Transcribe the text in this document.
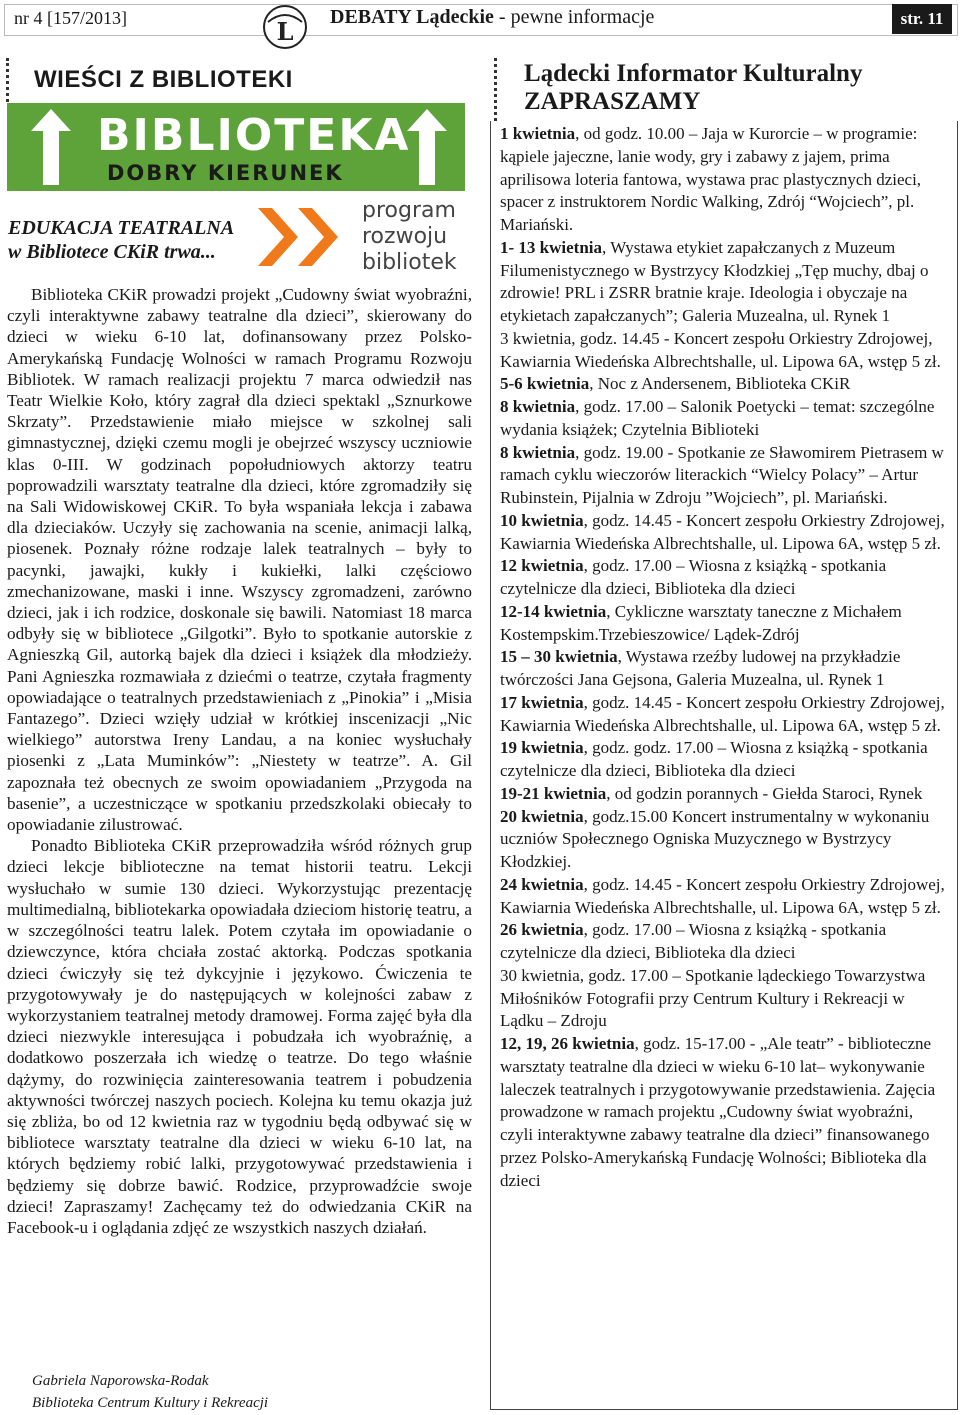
nr 4 [157/2013]	L DEBATY Lądeckie - pewne informacje	str. 11
WIEŚCI Z BIBLIOTEKI
BIBLIOTEKA
DOBRY KIERUNEK
EDUKACJA TEATRALNA
w Bibliotece CKiR trwa...
program
rozwoju
bibliotek

Biblioteka CKiR prowadzi projekt „Cudowny świat wyobraźni, czyli interaktywne zabawy teatralne dla dzieci”, skierowany do dzieci w wieku 6-10 lat, dofinansowany przez Polsko-Amerykańską Fundację Wolności w ramach Programu Rozwoju Bibliotek. W ramach realizacji projektu 7 marca odwiedził nas Teatr Wielkie Koło, który zagrał dla dzieci spektakl „Sznurkowe Skrzaty”. Przedstawienie miało miejsce w szkolnej sali gimnastycznej, dzięki czemu mogli je obejrzeć wszyscy uczniowie klas 0-III. W godzinach popołudniowych aktorzy teatru poprowadzili warsztaty teatralne dla dzieci, które zgromadziły się na Sali Widowiskowej CKiR. To była wspaniała lekcja i zabawa dla dzieciaków. Uczyły się zachowania na scenie, animacji lalką, piosenek. Poznały różne rodzaje lalek teatralnych – były to pacynki, jawajki, kukły i kukiełki, lalki częściowo zmechanizowane, maski i inne. Wszyscy zgromadzeni, zarówno dzieci, jak i ich rodzice, doskonale się bawili. Natomiast 18 marca odbyły się w bibliotece „Gilgotki”. Było to spotkanie autorskie z Agnieszką Gil, autorką bajek dla dzieci i książek dla młodzieży. Pani Agnieszka rozmawiała z dziećmi o teatrze, czytała fragmenty opowiadające o teatralnych przedstawieniach z „Pinokia” i „Misia Fantazego”. Dzieci wzięły udział w krótkiej inscenizacji „Nic wielkiego” autorstwa Ireny Landau, a na koniec wysłuchały piosenki z „Lata Muminków”: „Niestety w teatrze”. A. Gil zapoznała też obecnych ze swoim opowiadaniem „Przygoda na basenie”, a uczestniczące w spotkaniu przedszkolaki obiecały to opowiadanie zilustrować.

Ponadto Biblioteka CKiR przeprowadziła wśród różnych grup dzieci lekcje biblioteczne na temat historii teatru. Lekcji wysłuchało w sumie 130 dzieci. Wykorzystując prezentację multimedialną, bibliotekarka opowiadała dzieciom historię teatru, a w szczególności teatru lalek. Potem czytała im opowiadanie o dziewczynce, która chciała zostać aktorką. Podczas spotkania dzieci ćwiczyły się też dykcyjnie i językowo. Ćwiczenia te przygotowywały je do następujących w kolejności zabaw z wykorzystaniem teatralnej metody dramowej. Forma zajęć była dla dzieci niezwykle interesująca i pobudzała ich wyobraźnię, a dodatkowo poszerzała ich wiedzę o teatrze. Do tego właśnie dążymy, do rozwinięcia zainteresowania teatrem i pobudzenia aktywności twórczej naszych pociech. Kolejna ku temu okazja już się zbliża, bo od 12 kwietnia raz w tygodniu będą odbywać się w bibliotece warsztaty teatralne dla dzieci w wieku 6-10 lat, na których będziemy robić lalki, przygotowywać przedstawienia i będziemy się dobrze bawić. Rodzice, przyprowadźcie swoje dzieci! Zapraszamy! Zachęcamy też do odwiedzania CKiR na Facebook-u i oglądania zdjęć ze wszystkich naszych działań.

Gabriela Naporowska-Rodak
Biblioteka Centrum Kultury i Rekreacji
Lądecki Informator Kulturalny
ZAPRASZAMY

1 kwietnia, od godz. 10.00 – Jaja w Kurorcie – w programie: kąpiele jajeczne, lanie wody, gry i zabawy z jajem, prima aprilisowa loteria fantowa, wystawa prac plastycznych dzieci, spacer z instruktorem Nordic Walking, Zdrój “Wojciech”, pl. Mariański.

1- 13 kwietnia, Wystawa etykiet zapałczanych z Muzeum Filumenistycznego w Bystrzycy Kłodzkiej „Tęp muchy, dbaj o zdrowie! PRL i ZSRR bratnie kraje. Ideologia i obyczaje na etykietach zapałczanych”; Galeria Muzealna, ul. Rynek 1

3 kwietnia, godz. 14.45 - Koncert zespołu Orkiestry Zdrojowej, Kawiarnia Wiedeńska Albrechtshalle, ul. Lipowa 6A, wstęp 5 zł.

5-6 kwietnia, Noc z Andersenem, Biblioteka CKiR

8 kwietnia, godz. 17.00 – Salonik Poetycki – temat: szczególne wydania książek; Czytelnia Biblioteki

8 kwietnia, godz. 19.00 - Spotkanie ze Sławomirem Pietrasem w ramach cyklu wieczorów literackich “Wielcy Polacy” – Artur Rubinstein, Pijalnia w Zdroju ”Wojciech”, pl. Mariański.

10 kwietnia, godz. 14.45 - Koncert zespołu Orkiestry Zdrojowej, Kawiarnia Wiedeńska Albrechtshalle, ul. Lipowa 6A, wstęp 5 zł.

12 kwietnia, godz. 17.00 – Wiosna z książką - spotkania czytelnicze dla dzieci, Biblioteka dla dzieci

12-14 kwietnia, Cykliczne warsztaty taneczne z Michałem Kostempskim.Trzebieszowice/ Lądek-Zdrój

15 – 30 kwietnia, Wystawa rzeźby ludowej na przykładzie twórczości Jana Gejsona, Galeria Muzealna, ul. Rynek 1

17 kwietnia, godz. 14.45 - Koncert zespołu Orkiestry Zdrojowej, Kawiarnia Wiedeńska Albrechtshalle, ul. Lipowa 6A, wstęp 5 zł.

19 kwietnia, godz. godz. 17.00 – Wiosna z książką - spotkania czytelnicze dla dzieci, Biblioteka dla dzieci

19-21 kwietnia, od godzin porannych - Giełda Staroci, Rynek

20 kwietnia, godz.15.00 Koncert instrumentalny w wykonaniu uczniów Społecznego Ogniska Muzycznego w Bystrzycy Kłodzkiej.

24 kwietnia, godz. 14.45 - Koncert zespołu Orkiestry Zdrojowej, Kawiarnia Wiedeńska Albrechtshalle, ul. Lipowa 6A, wstęp 5 zł.

26 kwietnia, godz. 17.00 – Wiosna z książką - spotkania czytelnicze dla dzieci, Biblioteka dla dzieci

30 kwietnia, godz. 17.00 – Spotkanie lądeckiego Towarzystwa Miłośników Fotografii przy Centrum Kultury i Rekreacji w Lądku – Zdroju

12, 19, 26 kwietnia, godz. 15-17.00 - „Ale teatr” - biblioteczne warsztaty teatralne dla dzieci w wieku 6-10 lat– wykonywanie laleczek teatralnych i przygotowywanie przedstawienia. Zajęcia prowadzone w ramach projektu „Cudowny świat wyobraźni, czyli interaktywne zabawy teatralne dla dzieci” finansowanego przez Polsko-Amerykańską Fundację Wolności; Biblioteka dla dzieci
